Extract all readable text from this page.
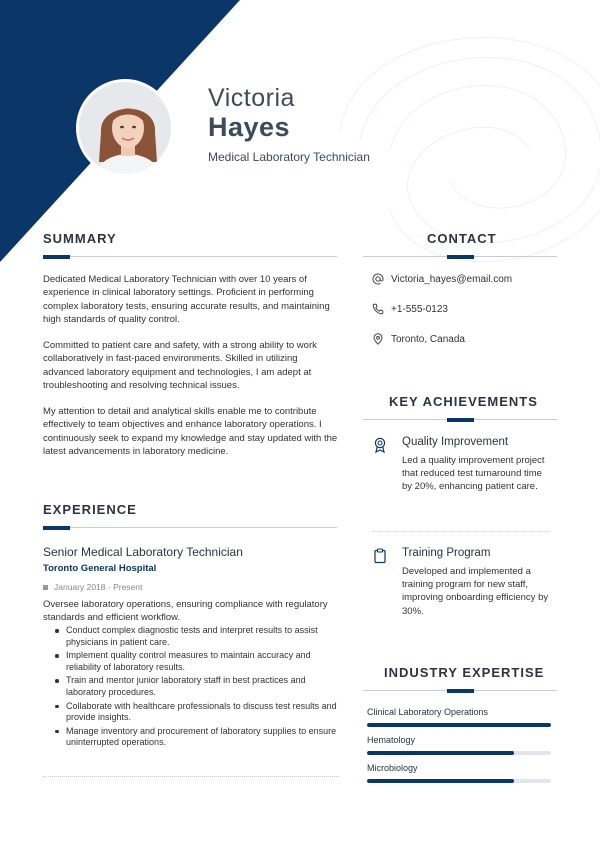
Victoria
Hayes
Medical Laboratory Technician
SUMMARY
Dedicated Medical Laboratory Technician with over 10 years of experience in clinical laboratory settings. Proficient in performing complex laboratory tests, ensuring accurate results, and maintaining high standards of quality control.
Committed to patient care and safety, with a strong ability to work collaboratively in fast-paced environments. Skilled in utilizing advanced laboratory equipment and technologies, I am adept at troubleshooting and resolving technical issues.
My attention to detail and analytical skills enable me to contribute effectively to team objectives and enhance laboratory operations. I continuously seek to expand my knowledge and stay updated with the latest advancements in laboratory medicine.
EXPERIENCE
Senior Medical Laboratory Technician
Toronto General Hospital
January 2018 - Present
Oversee laboratory operations, ensuring compliance with regulatory standards and efficient workflow.
Conduct complex diagnostic tests and interpret results to assist physicians in patient care.
Implement quality control measures to maintain accuracy and reliability of laboratory results.
Train and mentor junior laboratory staff in best practices and laboratory procedures.
Collaborate with healthcare professionals to discuss test results and provide insights.
Manage inventory and procurement of laboratory supplies to ensure uninterrupted operations.
CONTACT
Victoria_hayes@email.com
+1-555-0123
Toronto, Canada
KEY ACHIEVEMENTS
Quality Improvement
Led a quality improvement project that reduced test turnaround time by 20%, enhancing patient care.
Training Program
Developed and implemented a training program for new staff, improving onboarding efficiency by 30%.
INDUSTRY EXPERTISE
Clinical Laboratory Operations
Hematology
Microbiology
